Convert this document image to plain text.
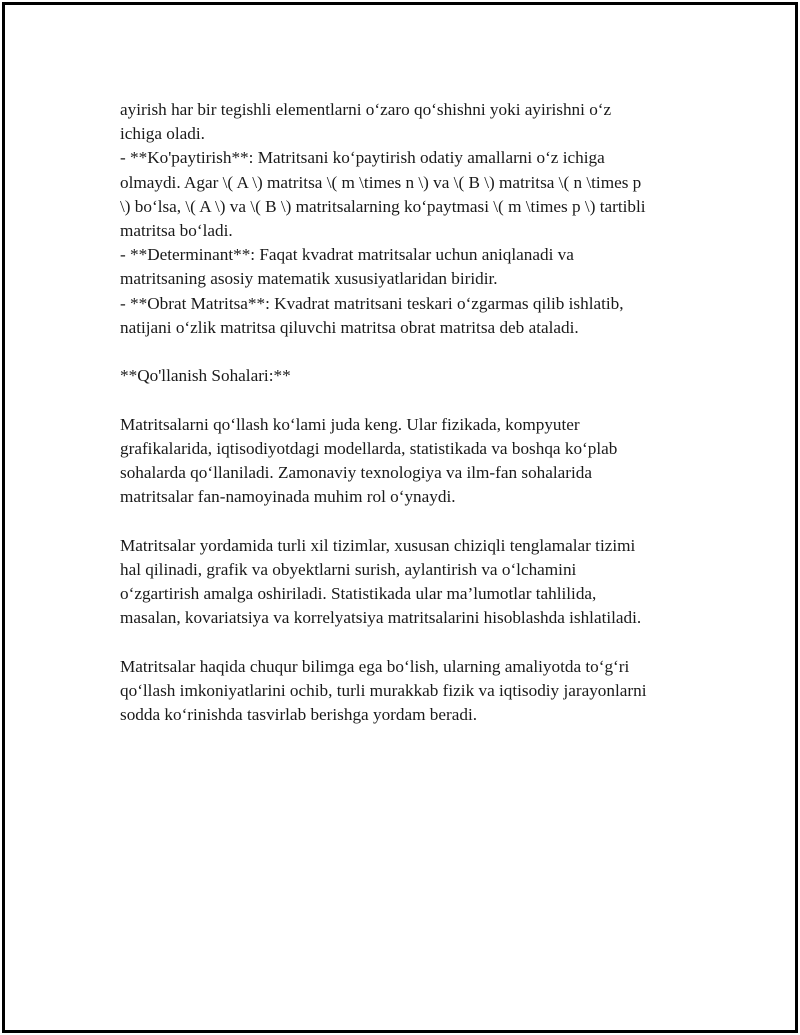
ayirish har bir tegishli elementlarni o‘zaro qo‘shishni yoki ayirishni o‘z
ichiga oladi.
- **Ko'paytirish**: Matritsani ko‘paytirish odatiy amallarni o‘z ichiga
olmaydi. Agar \( A \) matritsa \( m \times n \) va \( B \) matritsa \( n \times p
\) bo‘lsa, \( A \) va \( B \) matritsalarning ko‘paytmasi \( m \times p \) tartibli
matritsa bo‘ladi.
- **Determinant**: Faqat kvadrat matritsalar uchun aniqlanadi va
matritsaning asosiy matematik xususiyatlaridan biridir.
- **Obrat Matritsa**: Kvadrat matritsani teskari o‘zgarmas qilib ishlatib,
natijani o‘zlik matritsa qiluvchi matritsa obrat matritsa deb ataladi.
**Qo'llanish Sohalari:**
Matritsalarni qo‘llash ko‘lami juda keng. Ular fizikada, kompyuter
grafikalarida, iqtisodiyotdagi modellarda, statistikada va boshqa ko‘plab
sohalarda qo‘llaniladi. Zamonaviy texnologiya va ilm-fan sohalarida
matritsalar fan-namoyinada muhim rol o‘ynaydi.
Matritsalar yordamida turli xil tizimlar, xususan chiziqli tenglamalar tizimi
hal qilinadi, grafik va obyektlarni surish, aylantirish va o‘lchamini
o‘zgartirish amalga oshiriladi. Statistikada ular ma’lumotlar tahlilida,
masalan, kovariatsiya va korrelyatsiya matritsalarini hisoblashda ishlatiladi.
Matritsalar haqida chuqur bilimga ega bo‘lish, ularning amaliyotda to‘g‘ri
qo‘llash imkoniyatlarini ochib, turli murakkab fizik va iqtisodiy jarayonlarni
sodda ko‘rinishda tasvirlab berishga yordam beradi.
